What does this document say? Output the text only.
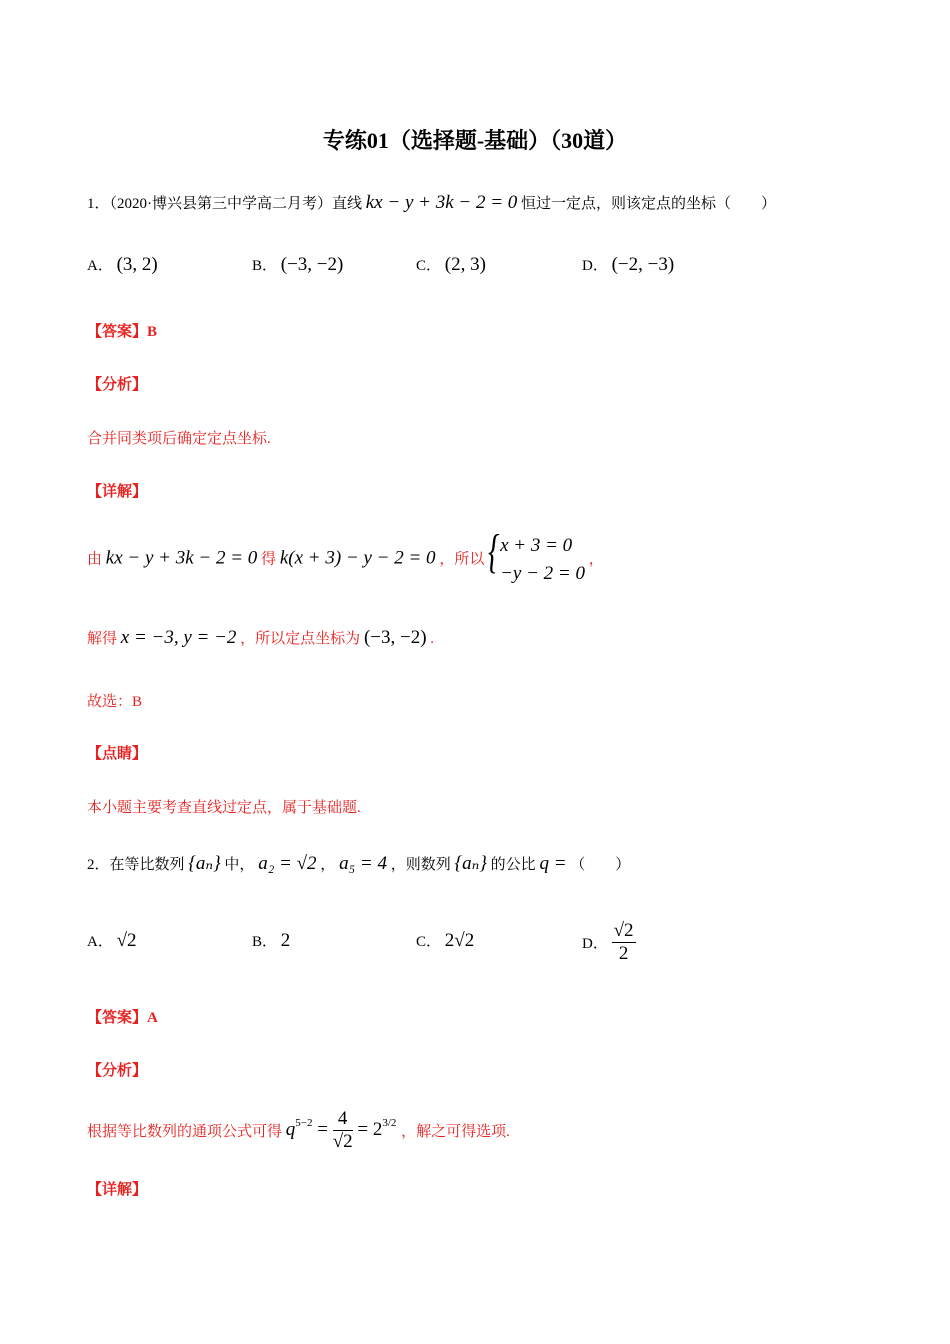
专练01（选择题-基础）（30道）
1．（2020·博兴县第三中学高二月考）直线 kx − y + 3k − 2 = 0 恒过一定点，则该定点的坐标（　　）
A． (3, 2)	B． (−3, −2)	C． (2, 3)	D． (−2, −3)
【答案】B
【分析】
合并同类项后确定定点坐标.
【详解】
由 kx − y + 3k − 2 = 0 得 k(x + 3) − y − 2 = 0 ，所以 { x + 3 = 0
−y − 2 = 0
，
解得 x = −3, y = −2 ，所以定点坐标为 (−3, −2) .
故选：B
【点睛】
本小题主要考查直线过定点，属于基础题.
2．在等比数列 {aₙ} 中， a₂ = √2 ， a₅ = 4 ，则数列 {aₙ} 的公比 q = （　　）
A． √2	B． 2	C． 2√2	D． $\frac{√2}{2}$
【答案】A
【分析】
根据等比数列的通项公式可得 $q^{5-2} = \frac{4}{√2} = 2^{3/2}$ ，解之可得选项.
【详解】
